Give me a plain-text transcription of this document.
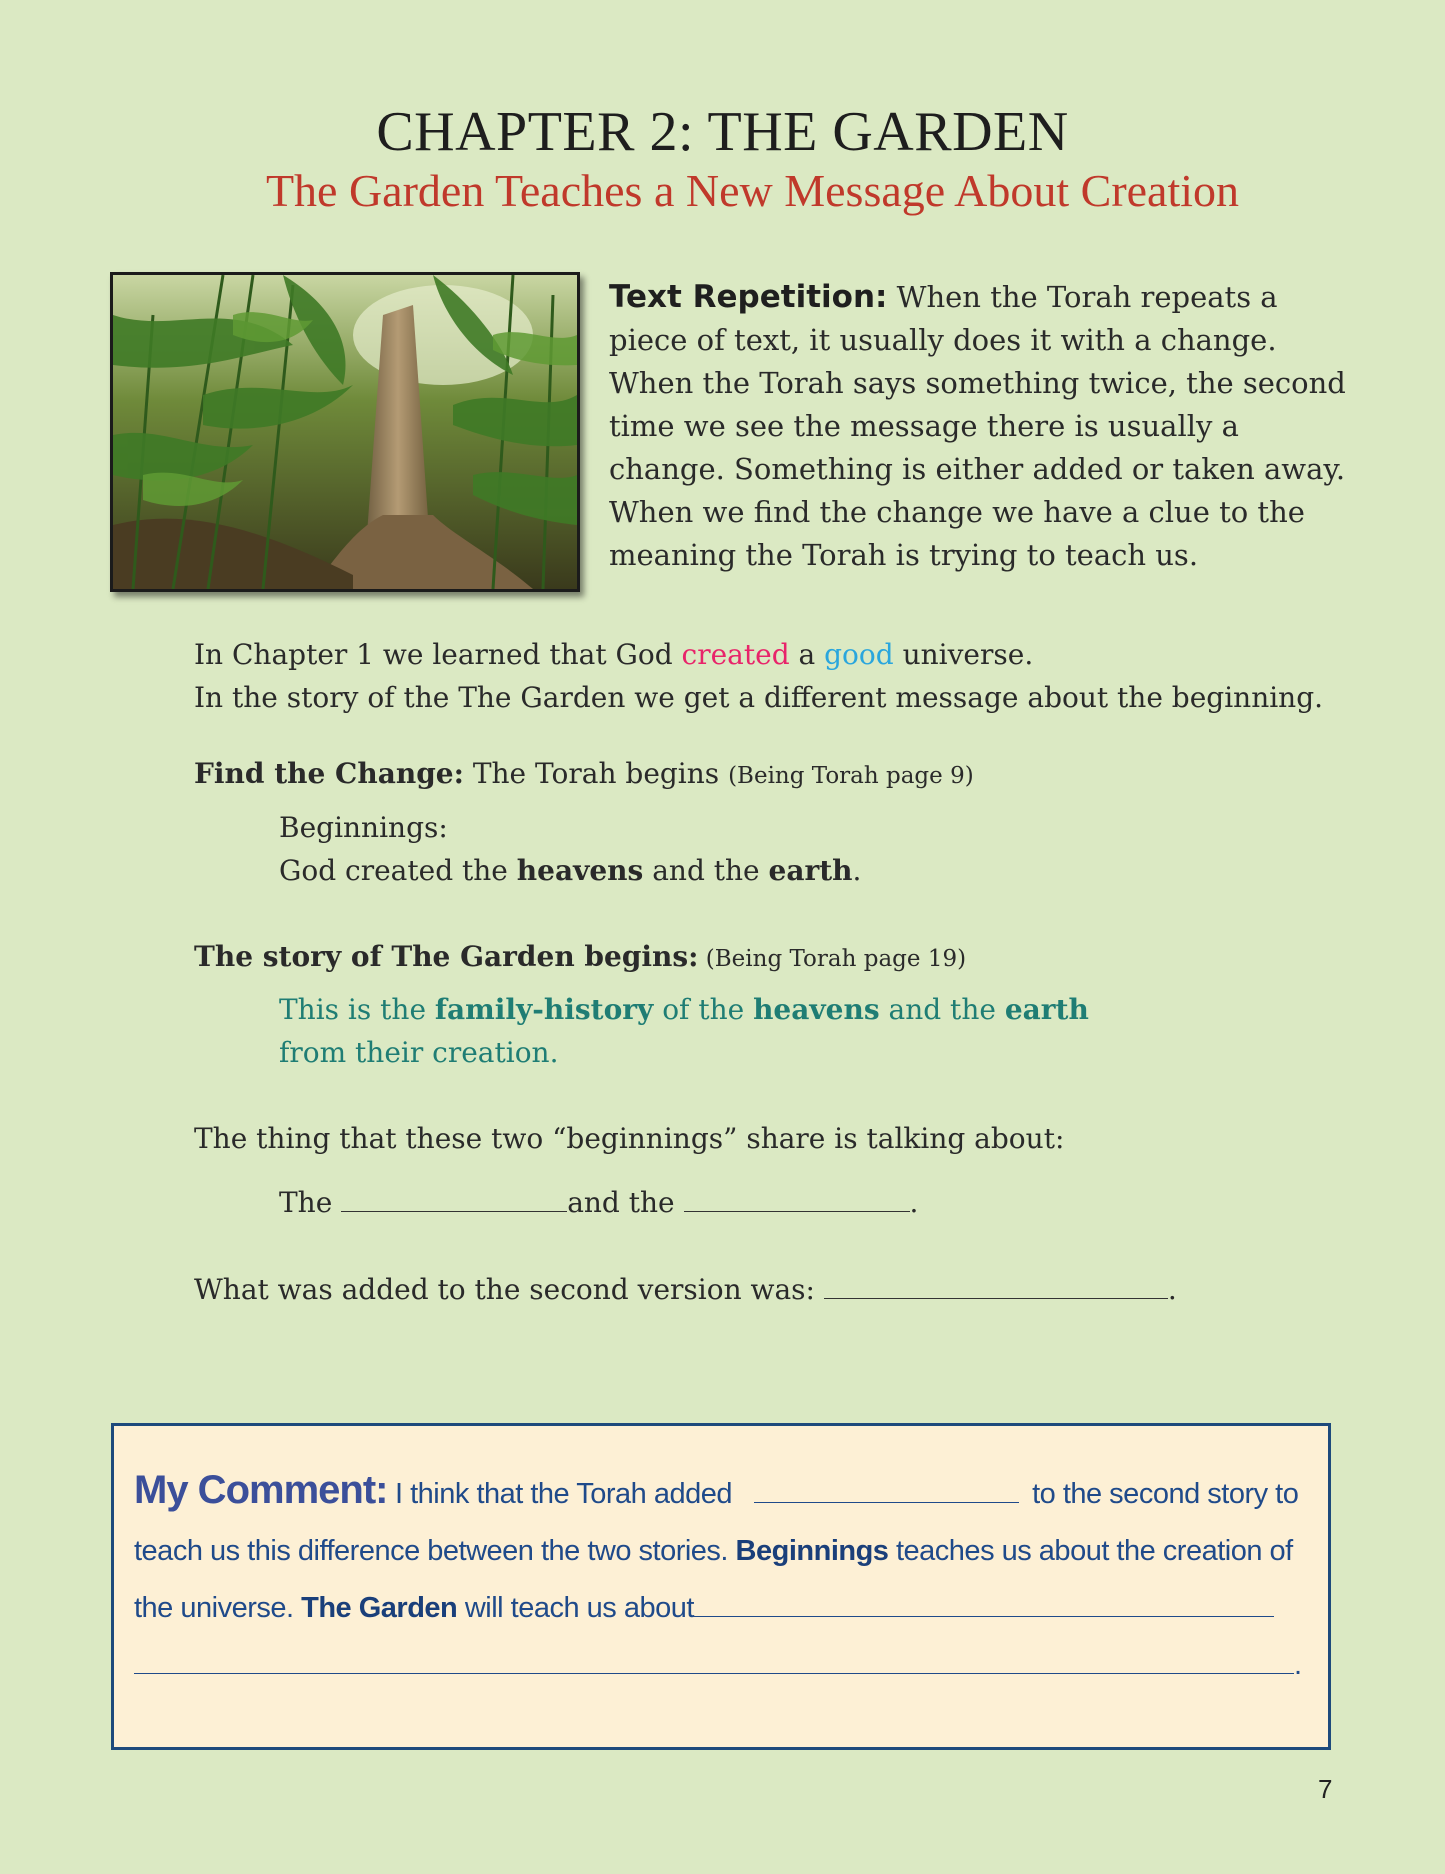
CHAPTER 2: THE GARDEN
The Garden Teaches a New Message About Creation
Text Repetition: When the Torah repeats a piece of text, it usually does it with a change. When the Torah says something twice, the second time we see the message there is usually a change. Something is either added or taken away. When we find the change we have a clue to the meaning the Torah is trying to teach us.
In Chapter 1 we learned that God created a good universe.
In the story of the The Garden we get a different message about the beginning.
Find the Change: The Torah begins (Being Torah page 9)
Beginnings:
God created the heavens and the earth.
The story of The Garden begins: (Being Torah page 19)
This is the family-history of the heavens and the earth
from their creation.
The thing that these two “beginnings” share is talking about:
The	and the	.
What was added to the second version was:	.
My Comment: I think that the Torah added	to the second story to teach us this difference between the two stories. Beginnings teaches us about the creation of the universe. The Garden will teach us about
.
7
